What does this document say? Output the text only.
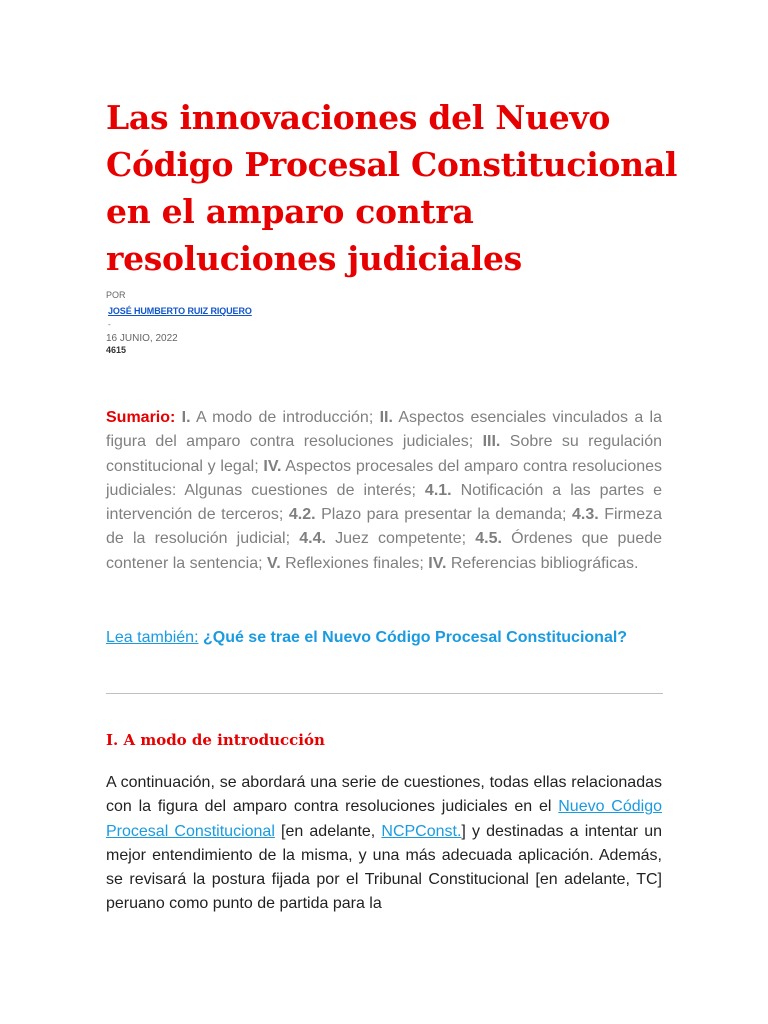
Las innovaciones del Nuevo Código Procesal Constitucional en el amparo contra resoluciones judiciales
POR
JOSÉ HUMBERTO RUIZ RIQUERO
-
16 JUNIO, 2022
4615

Sumario: I. A modo de introducción; II. Aspectos esenciales vinculados a la figura del amparo contra resoluciones judiciales; III. Sobre su regulación constitucional y legal; IV. Aspectos procesales del amparo contra resoluciones judiciales: Algunas cuestiones de interés; 4.1. Notificación a las partes e intervención de terceros; 4.2. Plazo para presentar la demanda; 4.3. Firmeza de la resolución judicial; 4.4. Juez competente; 4.5. Órdenes que puede contener la sentencia; V. Reflexiones finales; IV. Referencias bibliográficas.

Lea también: ¿Qué se trae el Nuevo Código Procesal Constitucional?
I. A modo de introducción

A continuación, se abordará una serie de cuestiones, todas ellas relacionadas con la figura del amparo contra resoluciones judiciales en el Nuevo Código Procesal Constitucional [en adelante, NCPConst.] y destinadas a intentar un mejor entendimiento de la misma, y una más adecuada aplicación. Además, se revisará la postura fijada por el Tribunal Constitucional [en adelante, TC] peruano como punto de partida para la
